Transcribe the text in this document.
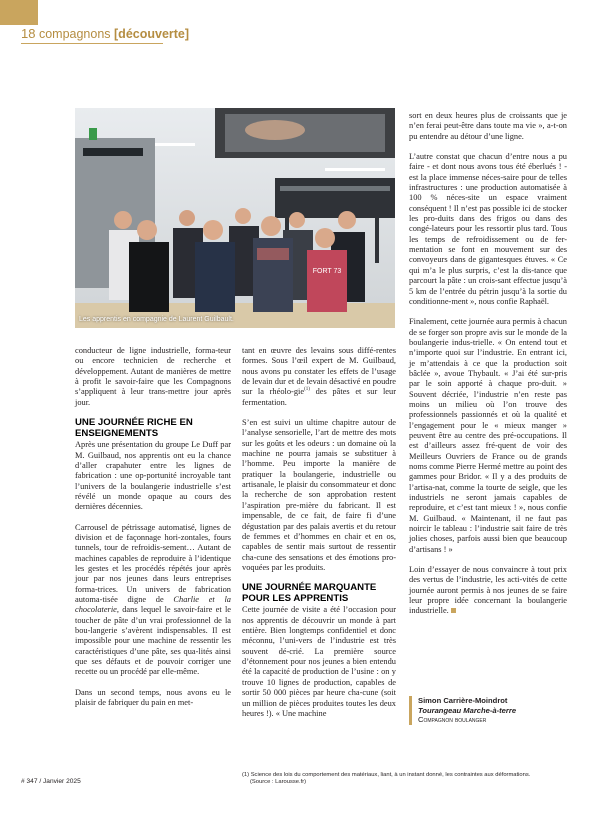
18 compagnons [découverte]
FORT 73
Les apprentis en compagnie de Laurent Guilbault.

conducteur de ligne industrielle, forma-teur ou encore technicien de recherche et développement. Autant de manières de mettre à profit le savoir-faire que les Compagnons s’appliquent à leur trans-mettre jour après jour.

UNE JOURNÉE RICHE EN ENSEIGNEMENTS

Après une présentation du groupe Le Duff par M. Guilbaud, nos apprentis ont eu la chance d’aller crapahuter entre les lignes de fabrication : une op-portunité incroyable tant l’univers de la boulangerie industrielle s’est révélé un monde opaque au cours des dernières décennies.

Carrousel de pétrissage automatisé, lignes de division et de façonnage hori-zontales, fours tunnels, tour de refroidis-sement… Autant de machines capables de reproduire à l’identique les gestes et les procédés répétés jour après jour par nos jeunes dans leurs entreprises forma-trices. Un univers de fabrication automa-tisée digne de Charlie et la chocolaterie, dans lequel le savoir-faire et le toucher de pâte d’un vrai professionnel de la bou-langerie s’avèrent indispensables. Il est impossible pour une machine de ressentir les caractéristiques d’une pâte, ses qua-lités ainsi que ses défauts et de pouvoir corriger une recette ou un procédé par elle-même.

Dans un second temps, nous avons eu le plaisir de fabriquer du pain en met-

tant en œuvre des levains sous diffé-rentes formes. Sous l’œil expert de M. Guilbaud, nous avons pu constater les effets de l’usage de levain dur et de levain désactivé en poudre sur la rhéolo-gie$^{(1)}$ des pâtes et sur leur fermentation.

S’en est suivi un ultime chapitre autour de l’analyse sensorielle, l’art de mettre des mots sur les goûts et les odeurs : un domaine où la machine ne pourra jamais se substituer à l’homme. Peu importe la manière de pratiquer la boulangerie, industrielle ou artisanale, le plaisir du consommateur et donc la recherche de son approbation restent l’aspiration pre-mière du fabricant. Il est impensable, de ce fait, de faire fi d’une dégustation par des palais avertis et du retour de femmes et d’hommes en chair et en os, capables de sentir mais surtout de ressentir cha-cune des sensations et des émotions pro-voquées par les produits.

UNE JOURNÉE MARQUANTE POUR LES APPRENTIS

Cette journée de visite a été l’occasion pour nos apprentis de découvrir un monde à part entière. Bien longtemps confidentiel et donc méconnu, l’uni-vers de l’industrie est très souvent dé-crié. La première source d’étonnement pour nos jeunes a bien entendu été la capacité de production de l’usine : on y trouve 10 lignes de production, capables de sortir 50 000 pièces par heure cha-cune (soit un million de pièces produites toutes les deux heures !). « Une machine

sort en deux heures plus de croissants que je n’en ferai peut-être dans toute ma vie », a-t-on pu entendre au détour d’une ligne.

L’autre constat que chacun d’entre nous a pu faire - et dont nous avons tous été éberlués ! - est la place immense néces-saire pour de telles infrastructures : une production automatisée à 100 % néces-site un espace vraiment conséquent ! Il n’est pas possible ici de stocker les pro-duits dans des frigos ou dans des congé-lateurs pour les ressortir plus tard. Tous les temps de refroidissement ou de fer-mentation se font en mouvement sur des convoyeurs dans de gigantesques étuves. « Ce qui m’a le plus surpris, c’est la dis-tance que parcourt la pâte : un crois-sant effectue jusqu’à 5 km de l’entrée du pétrin jusqu’à la sortie du conditionne-ment », nous confie Raphaël.

Finalement, cette journée aura permis à chacun de se forger son propre avis sur le monde de la boulangerie indus-trielle. « On entend tout et n’importe quoi sur l’industrie. En entrant ici, je m’attendais à ce que la production soit bâclée », avoue Thybault. « J’ai été sur-pris par le soin apporté à chaque pro-duit. » Souvent décriée, l’industrie n’en reste pas moins un milieu où l’on trouve des professionnels passionnés et où la qualité et l’engagement pour le « mieux manger » peuvent être au centre des pré-occupations. Il est d’ailleurs assez fré-quent de voir des Meilleurs Ouvriers de France ou de grands noms comme Pierre Hermé mettre au point des gammes pour Bridor. « Il y a des produits de l’artisa-nat, comme la tourte de seigle, que les industriels ne seront jamais capables de reproduire, et c’est tant mieux ! », nous confie M. Guilbaud. « Maintenant, il ne faut pas noircir le tableau : l’industrie sait faire de très jolies choses, parfois aussi bien que beaucoup d’artisans ! »

Loin d’essayer de nous convaincre à tout prix des vertus de l’industrie, les acti-vités de cette journée auront permis à nos jeunes de se faire leur propre idée concernant la boulangerie industrielle.

Simon Carrière-Moindrot
Tourangeau Marche-à-terre
Compagnon boulanger
# 347 / Janvier 2025
(1) Science des lois du comportement des matériaux, liant, à un instant donné, les contraintes aux déformations.
(Source : Larousse.fr)
